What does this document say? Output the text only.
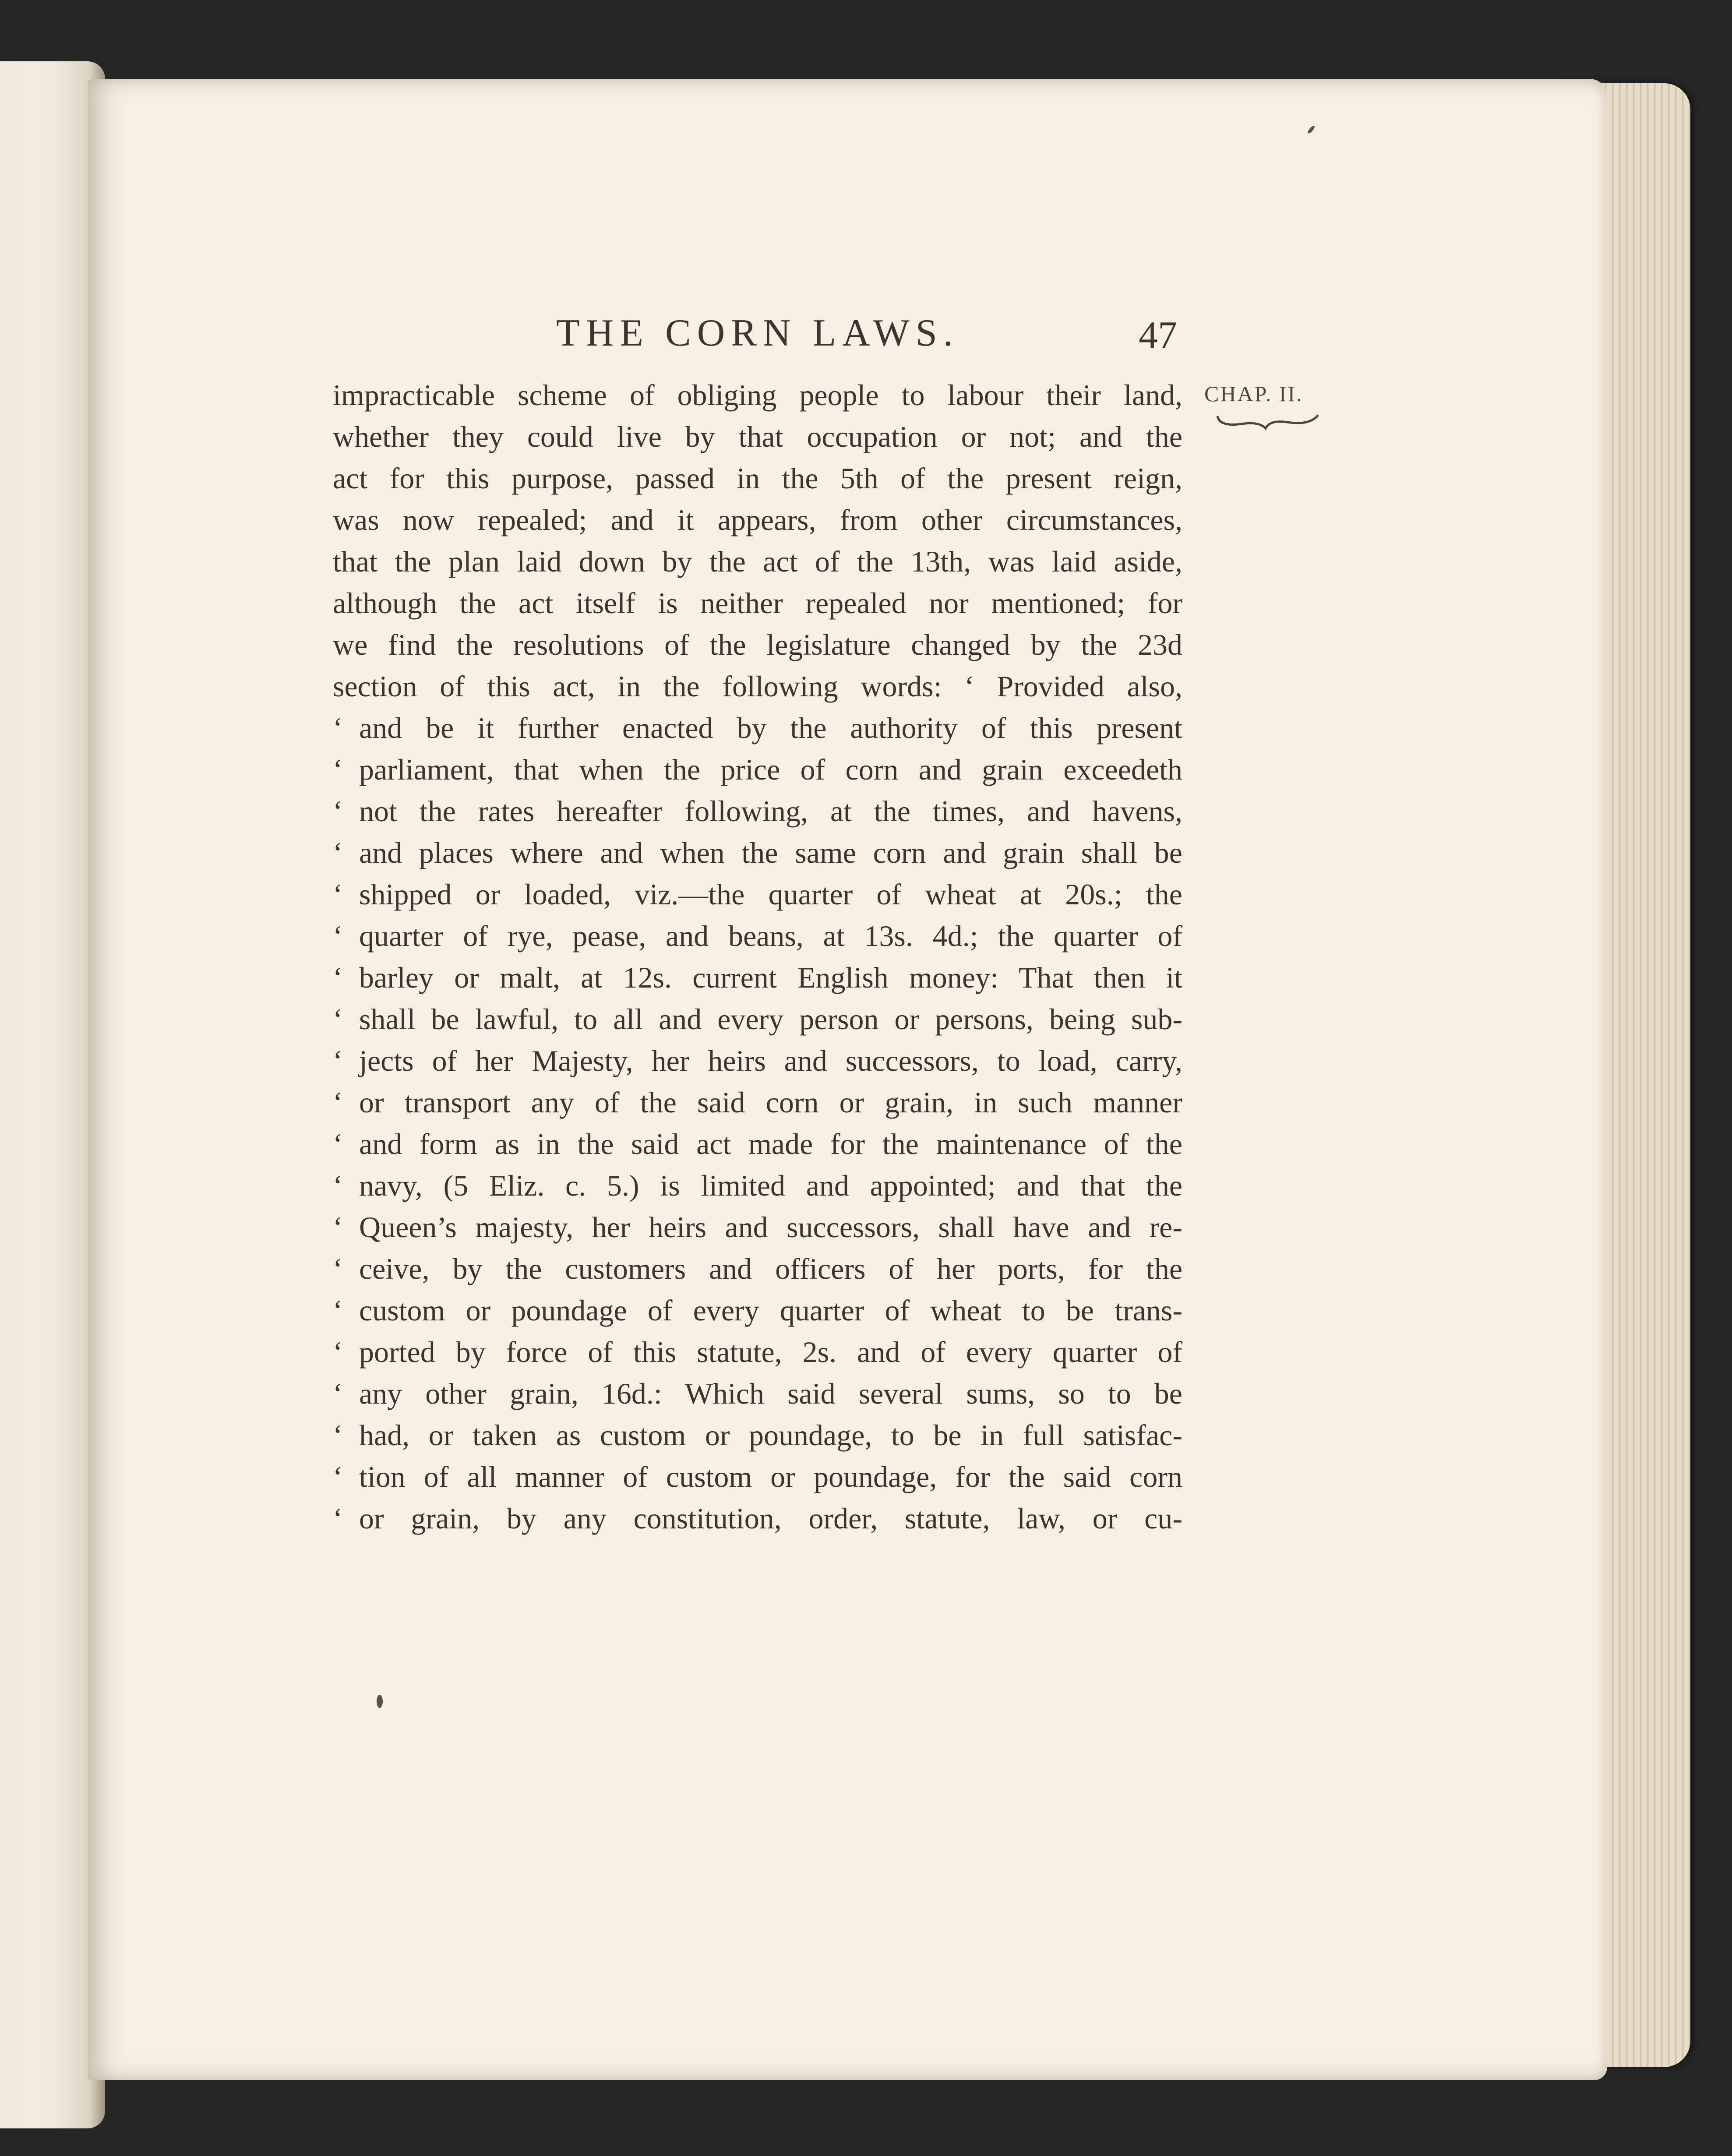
THE CORN LAWS.	47
CHAP. II.
impracticable scheme of obliging people to labour their land,
whether they could live by that occupation or not; and the
act for this purpose, passed in the 5th of the present reign,
was now repealed; and it appears, from other circumstances,
that the plan laid down by the act of the 13th, was laid aside,
although the act itself is neither repealed nor mentioned; for
we find the resolutions of the legislature changed by the 23d
section of this act, in the following words: ‘ Provided also,
‘ and be it further enacted by the authority of this present
‘ parliament, that when the price of corn and grain exceedeth
‘ not the rates hereafter following, at the times, and havens,
‘ and places where and when the same corn and grain shall be
‘ shipped or loaded, viz.—the quarter of wheat at 20s.; the
‘ quarter of rye, pease, and beans, at 13s. 4d.; the quarter of
‘ barley or malt, at 12s. current English money: That then it
‘ shall be lawful, to all and every person or persons, being sub-
‘ jects of her Majesty, her heirs and successors, to load, carry,
‘ or transport any of the said corn or grain, in such manner
‘ and form as in the said act made for the maintenance of the
‘ navy, (5 Eliz. c. 5.) is limited and appointed; and that the
‘ Queen’s majesty, her heirs and successors, shall have and re-
‘ ceive, by the customers and officers of her ports, for the
‘ custom or poundage of every quarter of wheat to be trans-
‘ ported by force of this statute, 2s. and of every quarter of
‘ any other grain, 16d.: Which said several sums, so to be
‘ had, or taken as custom or poundage, to be in full satisfac-
‘ tion of all manner of custom or poundage, for the said corn
‘ or grain, by any constitution, order, statute, law, or cu-
